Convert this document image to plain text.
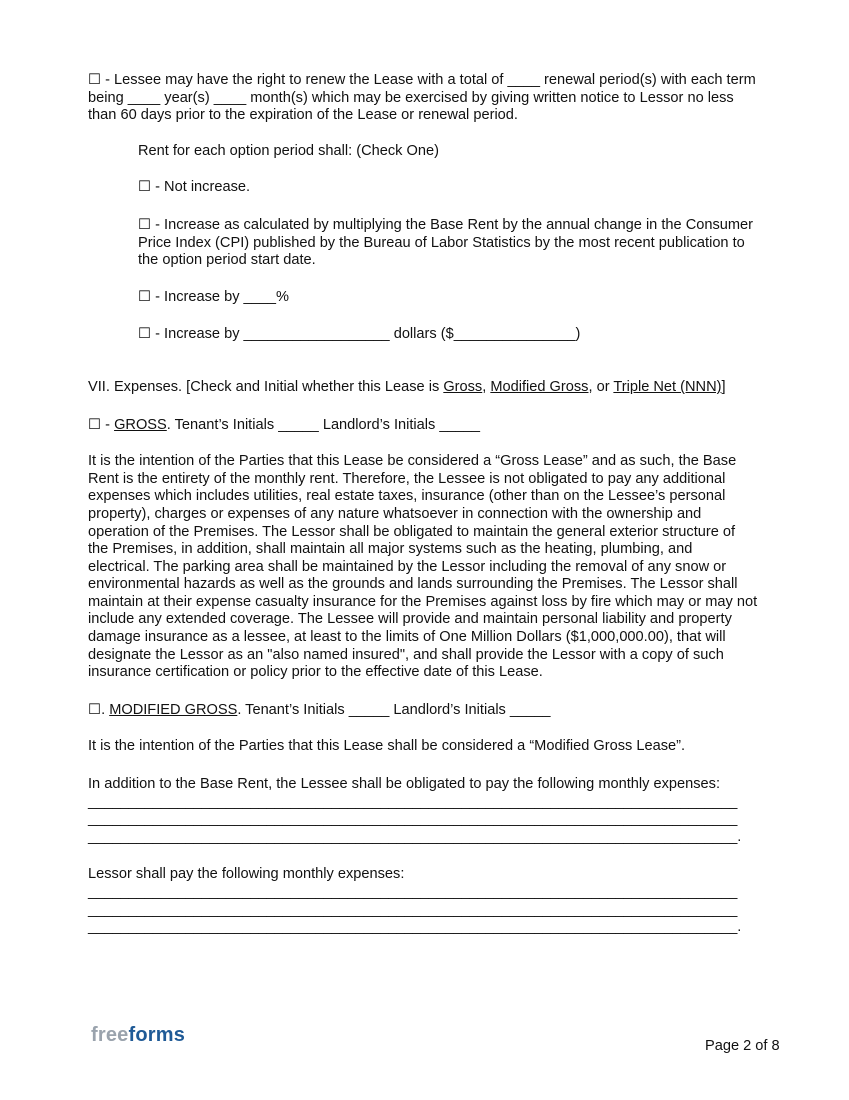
☐ - Lessee may have the right to renew the Lease with a total of ____ renewal period(s) with each term being ____ year(s) ____ month(s) which may be exercised by giving written notice to Lessor no less than 60 days prior to the expiration of the Lease or renewal period.

Rent for each option period shall: (Check One)

☐ - Not increase.

☐ - Increase as calculated by multiplying the Base Rent by the annual change in the Consumer Price Index (CPI) published by the Bureau of Labor Statistics by the most recent publication to the option period start date.

☐ - Increase by ____%

☐ - Increase by __________________ dollars ($_______________)

VII. Expenses. [Check and Initial whether this Lease is Gross, Modified Gross, or Triple Net (NNN)]

☐ - GROSS. Tenant’s Initials _____ Landlord’s Initials _____

It is the intention of the Parties that this Lease be considered a “Gross Lease” and as such, the Base Rent is the entirety of the monthly rent. Therefore, the Lessee is not obligated to pay any additional expenses which includes utilities, real estate taxes, insurance (other than on the Lessee’s personal property), charges or expenses of any nature whatsoever in connection with the ownership and operation of the Premises. The Lessor shall be obligated to maintain the general exterior structure of the Premises, in addition, shall maintain all major systems such as the heating, plumbing, and electrical. The parking area shall be maintained by the Lessor including the removal of any snow or environmental hazards as well as the grounds and lands surrounding the Premises. The Lessor shall maintain at their expense casualty insurance for the Premises against loss by fire which may or may not include any extended coverage. The Lessee will provide and maintain personal liability and property damage insurance as a lessee, at least to the limits of One Million Dollars ($1,000,000.00), that will designate the Lessor as an "also named insured", and shall provide the Lessor with a copy of such insurance certification or policy prior to the effective date of this Lease.

☐. MODIFIED GROSS. Tenant’s Initials _____ Landlord’s Initials _____

It is the intention of the Parties that this Lease shall be considered a “Modified Gross Lease”.

In addition to the Base Rent, the Lessee shall be obligated to pay the following monthly expenses:

________________________________________________________________________________
________________________________________________________________________________
________________________________________________________________________________.

Lessor shall pay the following monthly expenses:

________________________________________________________________________________
________________________________________________________________________________
________________________________________________________________________________.

freeforms	Page 2 of 8
